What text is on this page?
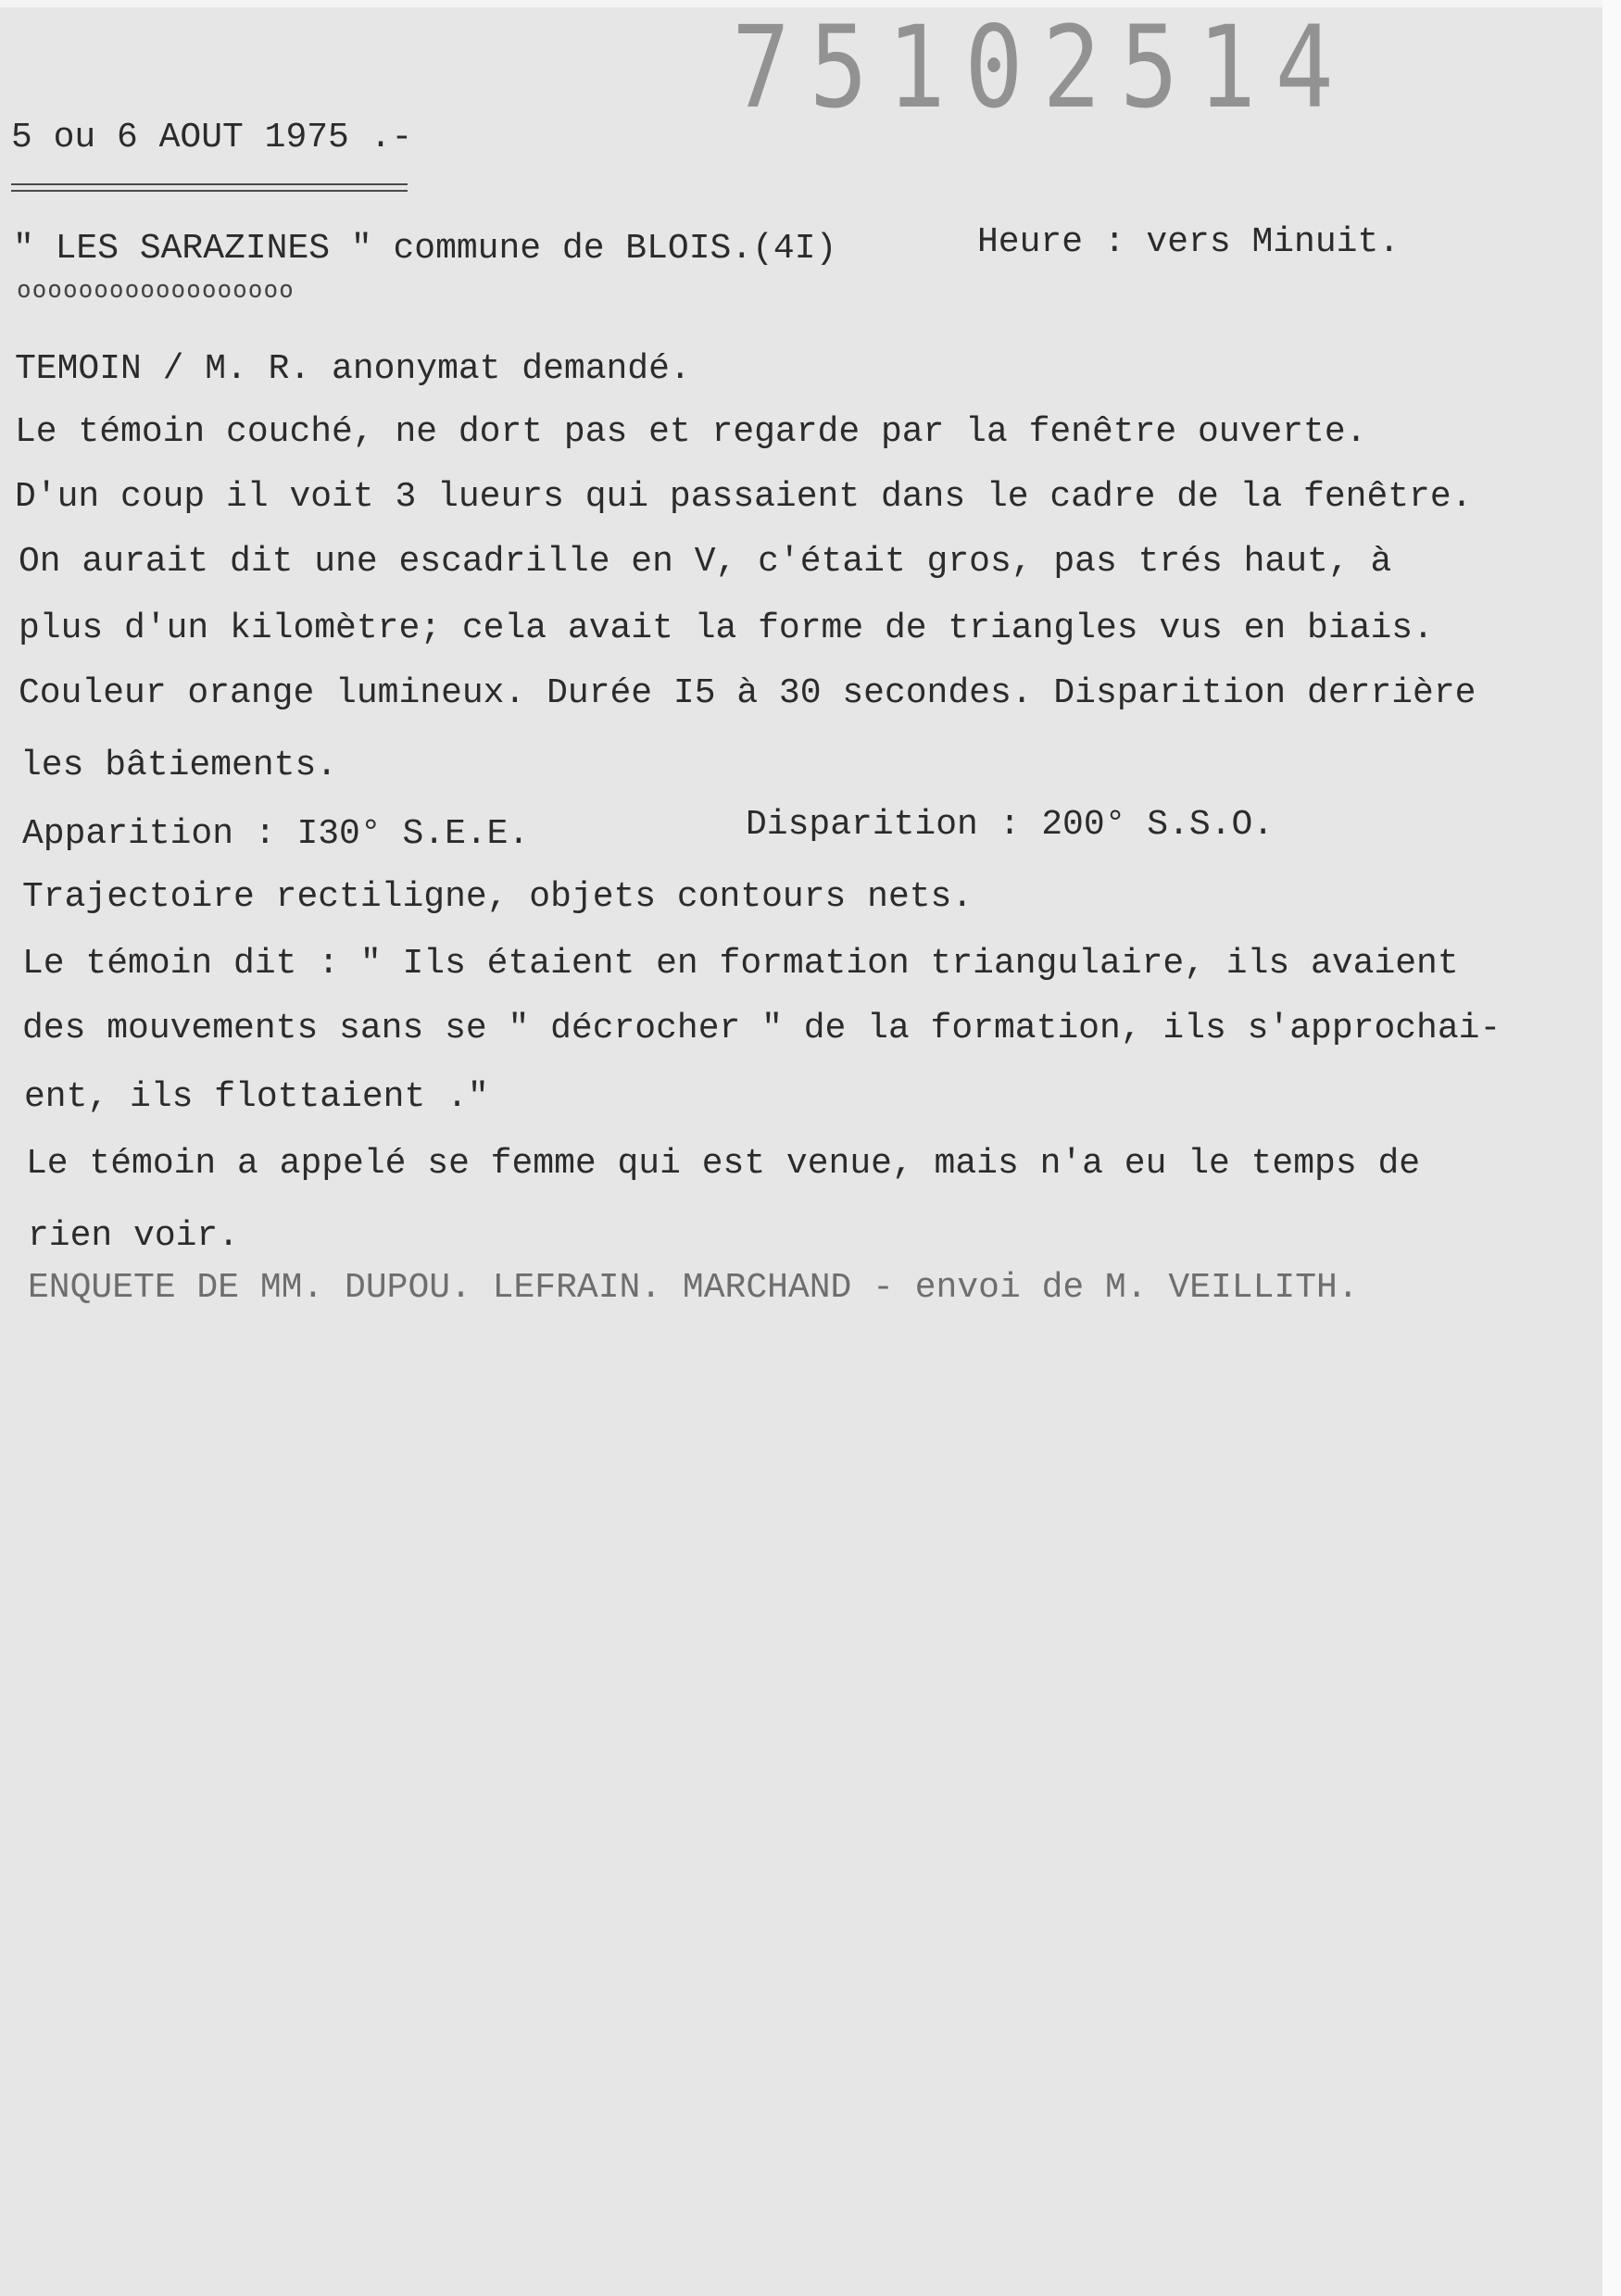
75102514
5 ou 6 AOUT 1975 .-
" LES SARAZINES " commune de BLOIS.(4I)	Heure : vers Minuit.
oooooooooooooooooo
TEMOIN / M. R. anonymat demandé.
Le témoin couché, ne dort pas et regarde par la fenêtre ouverte.
D'un coup il voit 3 lueurs qui passaient dans le cadre de la fenêtre.
On aurait dit une escadrille en V, c'était gros, pas trés haut, à
plus d'un kilomètre; cela avait la forme de triangles vus en biais.
Couleur orange lumineux. Durée I5 à 30 secondes. Disparition derrière
les bâtiements.
Apparition : I30° S.E.E.	Disparition : 200° S.S.O.
Trajectoire rectiligne, objets contours nets.
Le témoin dit : " Ils étaient en formation triangulaire, ils avaient
des mouvements sans se " décrocher " de la formation, ils s'approchai-
ent, ils flottaient ."
Le témoin a appelé se femme qui est venue, mais n'a eu le temps de
rien voir.
ENQUETE DE MM. DUPOU. LEFRAIN. MARCHAND - envoi de M. VEILLITH.
